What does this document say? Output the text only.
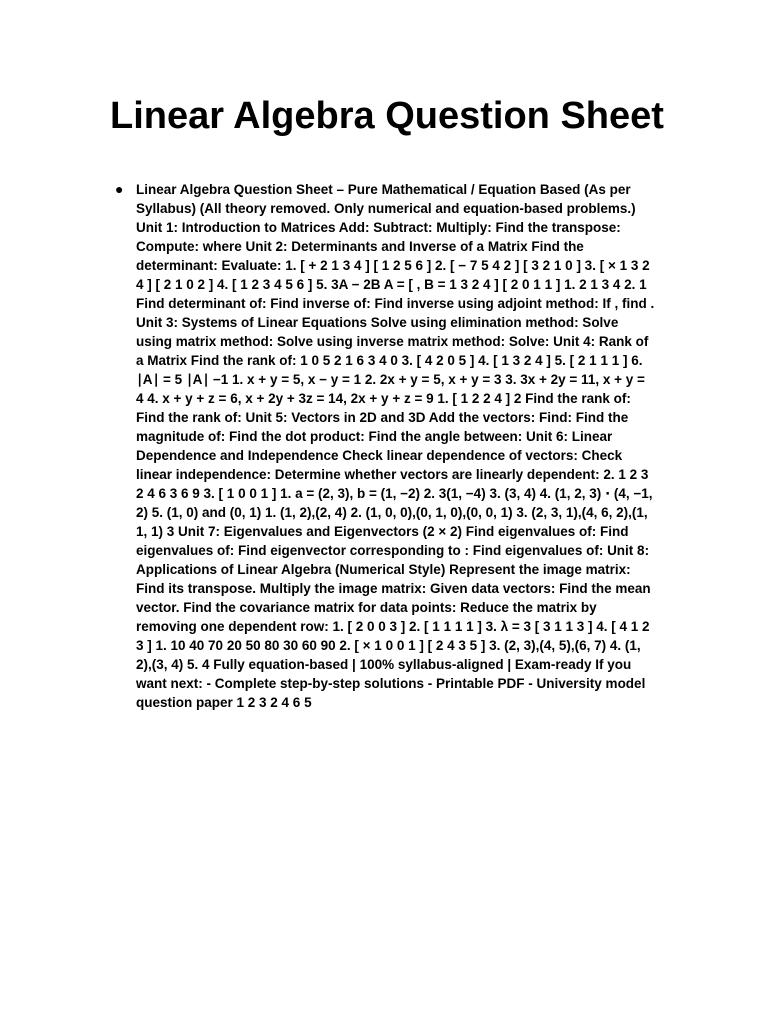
Linear Algebra Question Sheet
● Linear Algebra Question Sheet – Pure Mathematical / Equation Based (As per Syllabus) (All theory removed. Only numerical and equation-based problems.) Unit 1: Introduction to Matrices Add: Subtract: Multiply: Find the transpose: Compute: where Unit 2: Determinants and Inverse of a Matrix Find the determinant: Evaluate: 1. [ + 2 1 3 4 ] [ 1 2 5 6 ] 2. [ − 7 5 4 2 ] [ 3 2 1 0 ] 3. [ × 1 3 2 4 ] [ 2 1 0 2 ] 4. [ 1 2 3 4 5 6 ] 5. 3A − 2B A = [ , B = 1 3 2 4 ] [ 2 0 1 1 ] 1. 2 1 3 4 2. 1 Find determinant of: Find inverse of: Find inverse using adjoint method: If , find . Unit 3: Systems of Linear Equations Solve using elimination method: Solve using matrix method: Solve using inverse matrix method: Solve: Unit 4: Rank of a Matrix Find the rank of: 1 0 5 2 1 6 3 4 0 3. [ 4 2 0 5 ] 4. [ 1 3 2 4 ] 5. [ 2 1 1 1 ] 6. ∣A∣ = 5 ∣A∣ −1 1. x + y = 5, x − y = 1 2. 2x + y = 5, x + y = 3 3. 3x + 2y = 11, x + y = 4 4. x + y + z = 6, x + 2y + 3z = 14, 2x + y + z = 9 1. [ 1 2 2 4 ] 2 Find the rank of: Find the rank of: Unit 5: Vectors in 2D and 3D Add the vectors: Find: Find the magnitude of: Find the dot product: Find the angle between: Unit 6: Linear Dependence and Independence Check linear dependence of vectors: Check linear independence: Determine whether vectors are linearly dependent: 2. 1 2 3 2 4 6 3 6 9 3. [ 1 0 0 1 ] 1. a = (2, 3), b = (1, −2) 2. 3(1, −4) 3. (3, 4) 4. (1, 2, 3) ⋅ (4, −1, 2) 5. (1, 0) and (0, 1) 1. (1, 2),(2, 4) 2. (1, 0, 0),(0, 1, 0),(0, 0, 1) 3. (2, 3, 1),(4, 6, 2),(1, 1, 1) 3 Unit 7: Eigenvalues and Eigenvectors (2 × 2) Find eigenvalues of: Find eigenvalues of: Find eigenvector corresponding to : Find eigenvalues of: Unit 8: Applications of Linear Algebra (Numerical Style) Represent the image matrix: Find its transpose. Multiply the image matrix: Given data vectors: Find the mean vector. Find the covariance matrix for data points: Reduce the matrix by removing one dependent row: 1. [ 2 0 0 3 ] 2. [ 1 1 1 1 ] 3. λ = 3 [ 3 1 1 3 ] 4. [ 4 1 2 3 ] 1. 10 40 70 20 50 80 30 60 90 2. [ × 1 0 0 1 ] [ 2 4 3 5 ] 3. (2, 3),(4, 5),(6, 7) 4. (1, 2),(3, 4) 5. 4 Fully equation-based | 100% syllabus-aligned | Exam-ready If you want next: - Complete step-by-step solutions - Printable PDF - University model question paper 1 2 3 2 4 6 5
